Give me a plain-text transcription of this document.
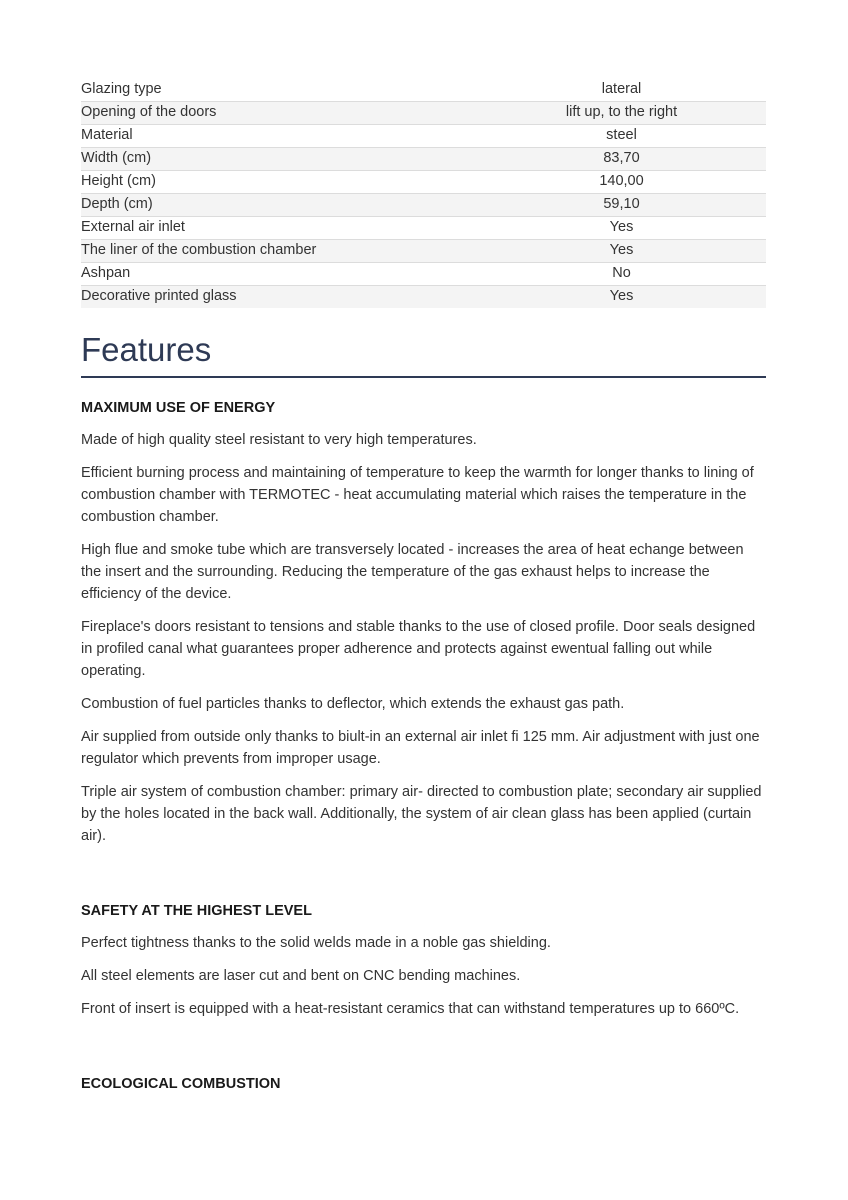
Glazing type	lateral
Opening of the doors	lift up, to the right
Material	steel
Width (cm)	83,70
Height (cm)	140,00
Depth (cm)	59,10
External air inlet	Yes
The liner of the combustion chamber	Yes
Ashpan	No
Decorative printed glass	Yes
Features
MAXIMUM USE OF ENERGY

Made of high quality steel resistant to very high temperatures.

Efficient burning process and maintaining of temperature to keep the warmth for longer thanks to lining of combustion chamber with TERMOTEC - heat accumulating material which raises the temperature in the combustion chamber.

High flue and smoke tube which are transversely located - increases the area of heat echange between the insert and the surrounding. Reducing the temperature of the gas exhaust helps to increase the efficiency of the device.

Fireplace's doors resistant to tensions and stable thanks to the use of closed profile. Door seals designed in profiled canal what guarantees proper adherence and protects against ewentual falling out while operating.

Combustion of fuel particles thanks to deflector, which extends the exhaust gas path.

Air supplied from outside only thanks to biult-in an external air inlet fi 125 mm. Air adjustment with just one regulator which prevents from improper usage.

Triple air system of combustion chamber: primary air- directed to combustion plate; secondary air supplied by the holes located in the back wall. Additionally, the system of air clean glass has been applied (curtain air).

SAFETY AT THE HIGHEST LEVEL

Perfect tightness thanks to the solid welds made in a noble gas shielding.

All steel elements are laser cut and bent on CNC bending machines.

Front of insert is equipped with a heat-resistant ceramics that can withstand temperatures up to 660ºC.

ECOLOGICAL COMBUSTION
